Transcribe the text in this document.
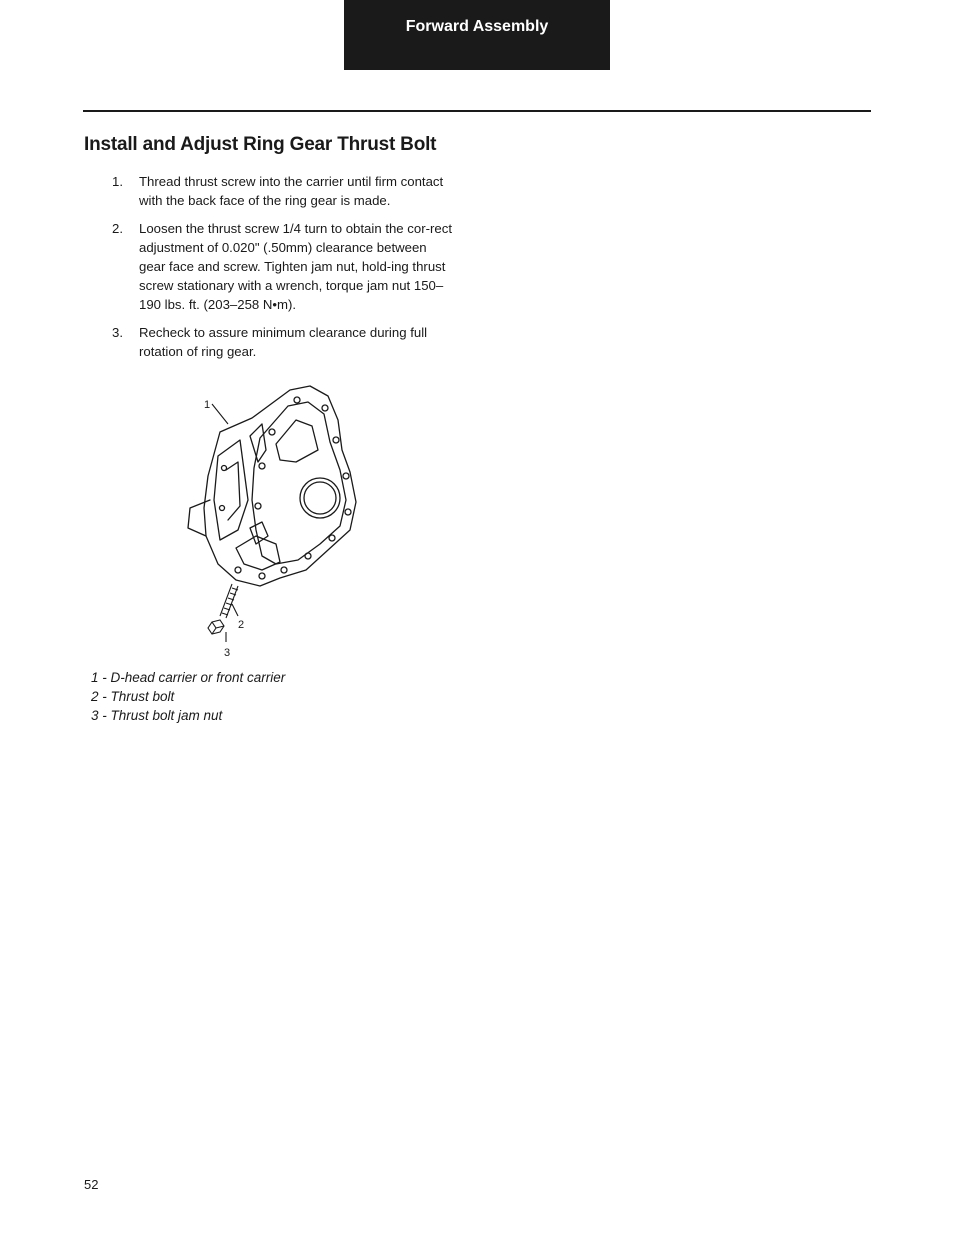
Forward Assembly
Install and Adjust Ring Gear Thrust Bolt
1.	Thread thrust screw into the carrier until firm contact with the back face of the ring gear is made.
2.	Loosen the thrust screw 1/4 turn to obtain the cor-rect adjustment of 0.020" (.50mm) clearance between gear face and screw. Tighten jam nut, hold-ing thrust screw stationary with a wrench, torque jam nut 150–190 lbs. ft. (203–258 N•m).
3.	Recheck to assure minimum clearance during full rotation of ring gear.
1
2
3
1 - D-head carrier or front carrier
2 - Thrust bolt
3 - Thrust bolt jam nut
52
